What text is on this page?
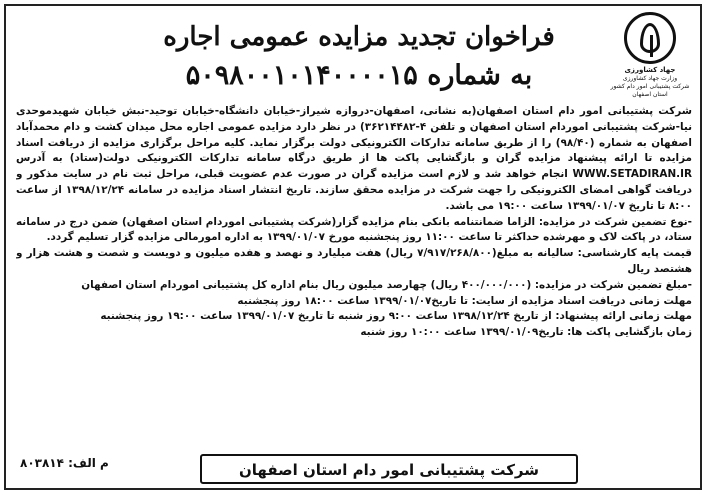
جهاد کشاورزی
وزارت جهاد کشاورزی
شرکت پشتیبانی امور دام کشور
استان اصفهان
فراخوان تجدید مزایده عمومی اجاره
به شماره ۵۰۹۸۰۰۱۰۱۴۰۰۰۰۱۵

شرکت پشتیبانی امور دام استان اصفهان(به نشانی، اصفهان-دروازه شیراز-خیابان دانشگاه-خیابان توحید-نبش خیابان شهیدموحدی نیا-شرکت پشتیبانی اموردام استان اصفهان و تلفن ۴-۳۶۲۱۴۴۸۲) در نظر دارد مزایده عمومی اجاره محل میدان کشت و دام محمدآباد اصفهان به شماره (۹۸/۴۰) را از طریق سامانه تدارکات الکترونیکی دولت برگزار نماید. کلیه مراحل برگزاری مزایده از دریافت اسناد مزایده تا ارائه پیشنهاد مزایده گران و بازگشایی پاکت ها از طریق درگاه سامانه تدارکات الکترونیکی دولت(ستاد) به آدرس WWW.SETADIRAN.IR انجام خواهد شد و لازم است مزایده گران در صورت عدم عضویت قبلی، مراحل ثبت نام در سایت مذکور و دریافت گواهی امضای الکترونیکی را جهت شرکت در مزایده محقق سازند. تاریخ انتشار اسناد مزایده در سامانه ۱۳۹۸/۱۲/۲۴ از ساعت ۸:۰۰ تا تاریخ ۱۳۹۹/۰۱/۰۷ ساعت ۱۹:۰۰ می باشد.

-نوع تضمین شرکت در مزایده: الزاما ضمانتنامه بانکی بنام مزایده گزار(شرکت پشتیبانی اموردام استان اصفهان) ضمن درج در سامانه ستاد، در پاکت لاک و مهرشده حداکثر تا ساعت ۱۱:۰۰ روز پنجشنبه مورخ ۱۳۹۹/۰۱/۰۷ به اداره امورمالی مزایده گزار تسلیم گردد.

قیمت پایه کارشناسی: سالیانه به مبلغ(۷/۹۱۷/۲۶۸/۸۰۰ ریال) هفت میلیارد و نهصد و هفده میلیون و دویست و شصت و هشت هزار و هشتصد ریال

-مبلغ تضمین شرکت در مزایده: (۴۰۰/۰۰۰/۰۰۰ ریال) چهارصد میلیون ریال بنام اداره کل پشتیبانی اموردام استان اصفهان

مهلت زمانی دریافت اسناد مزایده از سایت: تا تاریخ۱۳۹۹/۰۱/۰۷ ساعت ۱۸:۰۰ روز پنجشنبه

مهلت زمانی ارائه پیشنهاد: از تاریخ ۱۳۹۸/۱۲/۲۴ ساعت ۹:۰۰ روز شنبه تا تاریخ ۱۳۹۹/۰۱/۰۷ ساعت ۱۹:۰۰ روز پنجشنبه

زمان بازگشایی پاکت ها: تاریخ۱۳۹۹/۰۱/۰۹ ساعت ۱۰:۰۰ روز شنبه

م الف: ۸۰۳۸۱۴	شرکت پشتیبانی امور دام استان اصفهان
